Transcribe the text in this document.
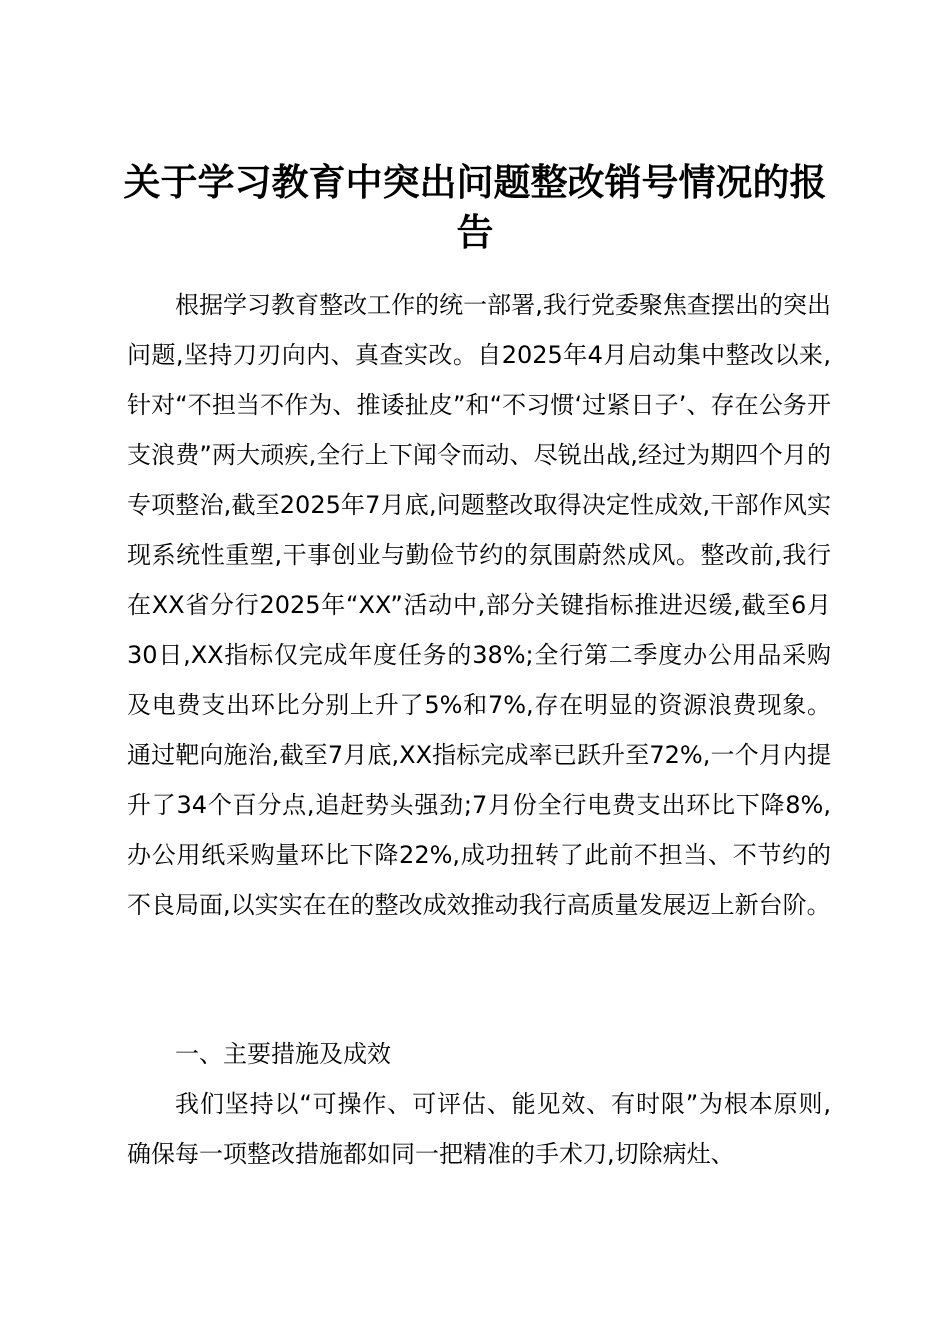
关于学习教育中突出问题整改销号情况的报告

根据学习教育整改工作的统一部署,我行党委聚焦查摆出的突出问题,坚持刀刃向内、真查实改。自2025年4月启动集中整改以来,针对“不担当不作为、推诿扯皮”和“不习惯‘过紧日子’、存在公务开支浪费”两大顽疾,全行上下闻令而动、尽锐出战,经过为期四个月的专项整治,截至2025年7月底,问题整改取得决定性成效,干部作风实现系统性重塑,干事创业与勤俭节约的氛围蔚然成风。整改前,我行在XX省分行2025年“XX”活动中,部分关键指标推进迟缓,截至6月30日,XX指标仅完成年度任务的38%;全行第二季度办公用品采购及电费支出环比分别上升了5%和7%,存在明显的资源浪费现象。通过靶向施治,截至7月底,XX指标完成率已跃升至72%,一个月内提升了34个百分点,追赶势头强劲;7月份全行电费支出环比下降8%,办公用纸采购量环比下降22%,成功扭转了此前不担当、不节约的不良局面,以实实在在的整改成效推动我行高质量发展迈上新台阶。

一、主要措施及成效

我们坚持以“可操作、可评估、能见效、有时限”为根本原则,确保每一项整改措施都如同一把精准的手术刀,切除病灶、
